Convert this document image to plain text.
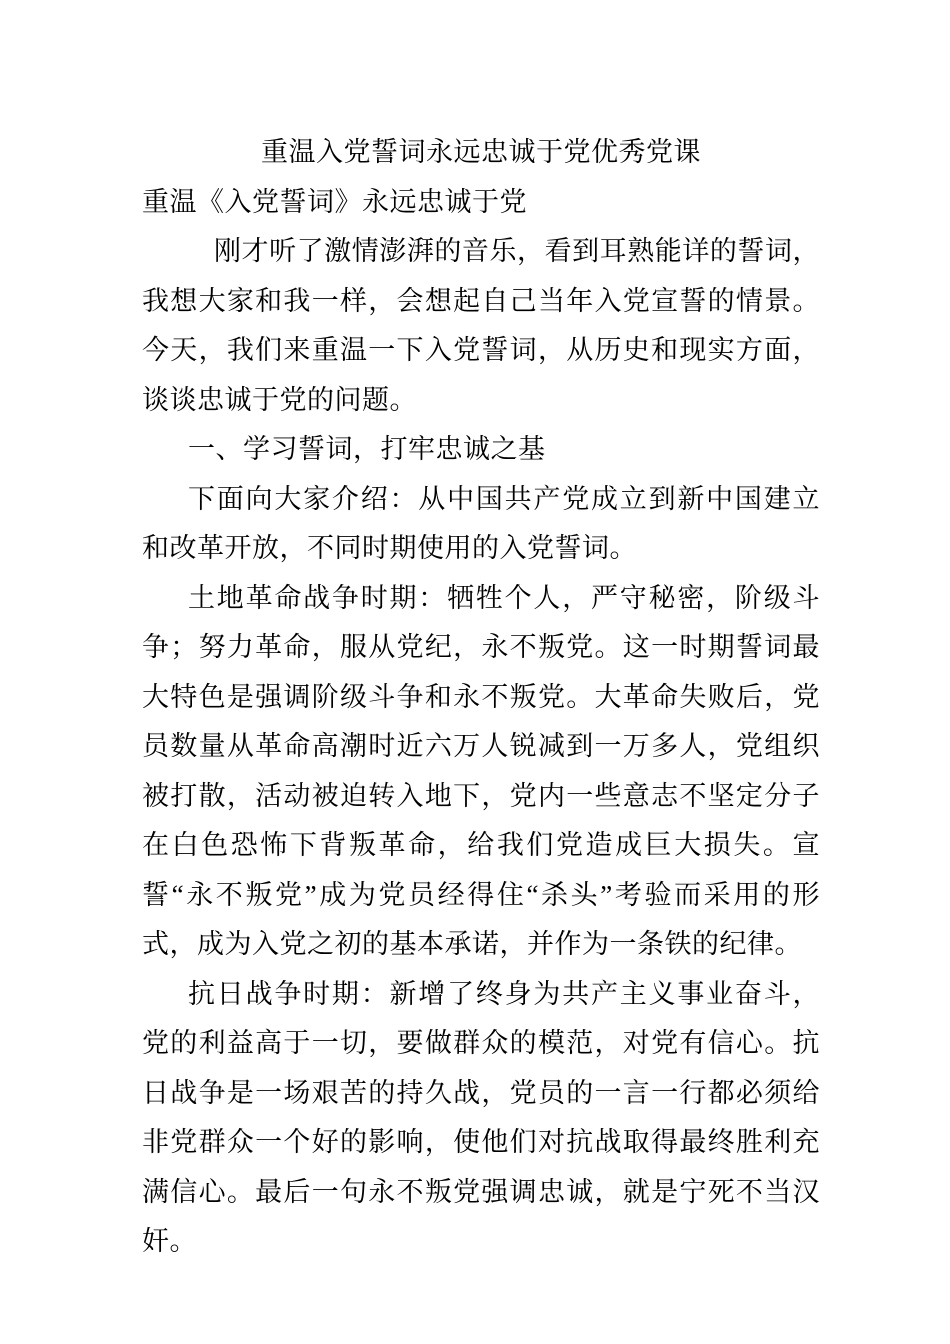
重温入党誓词永远忠诚于党优秀党课

重温《入党誓词》永远忠诚于党

刚才听了激情澎湃的音乐，看到耳熟能详的誓词，我想大家和我一样，会想起自己当年入党宣誓的情景。今天，我们来重温一下入党誓词，从历史和现实方面，谈谈忠诚于党的问题。

一、学习誓词，打牢忠诚之基

下面向大家介绍：从中国共产党成立到新中国建立和改革开放，不同时期使用的入党誓词。

土地革命战争时期：牺牲个人，严守秘密，阶级斗争；努力革命，服从党纪，永不叛党。这一时期誓词最大特色是强调阶级斗争和永不叛党。大革命失败后，党员数量从革命高潮时近六万人锐减到一万多人，党组织被打散，活动被迫转入地下，党内一些意志不坚定分子在白色恐怖下背叛革命，给我们党造成巨大损失。宣誓“永不叛党”成为党员经得住“杀头”考验而采用的形式，成为入党之初的基本承诺，并作为一条铁的纪律。

抗日战争时期：新增了终身为共产主义事业奋斗，党的利益高于一切，要做群众的模范，对党有信心。抗日战争是一场艰苦的持久战，党员的一言一行都必须给非党群众一个好的影响，使他们对抗战取得最终胜利充满信心。最后一句永不叛党强调忠诚，就是宁死不当汉奸。
